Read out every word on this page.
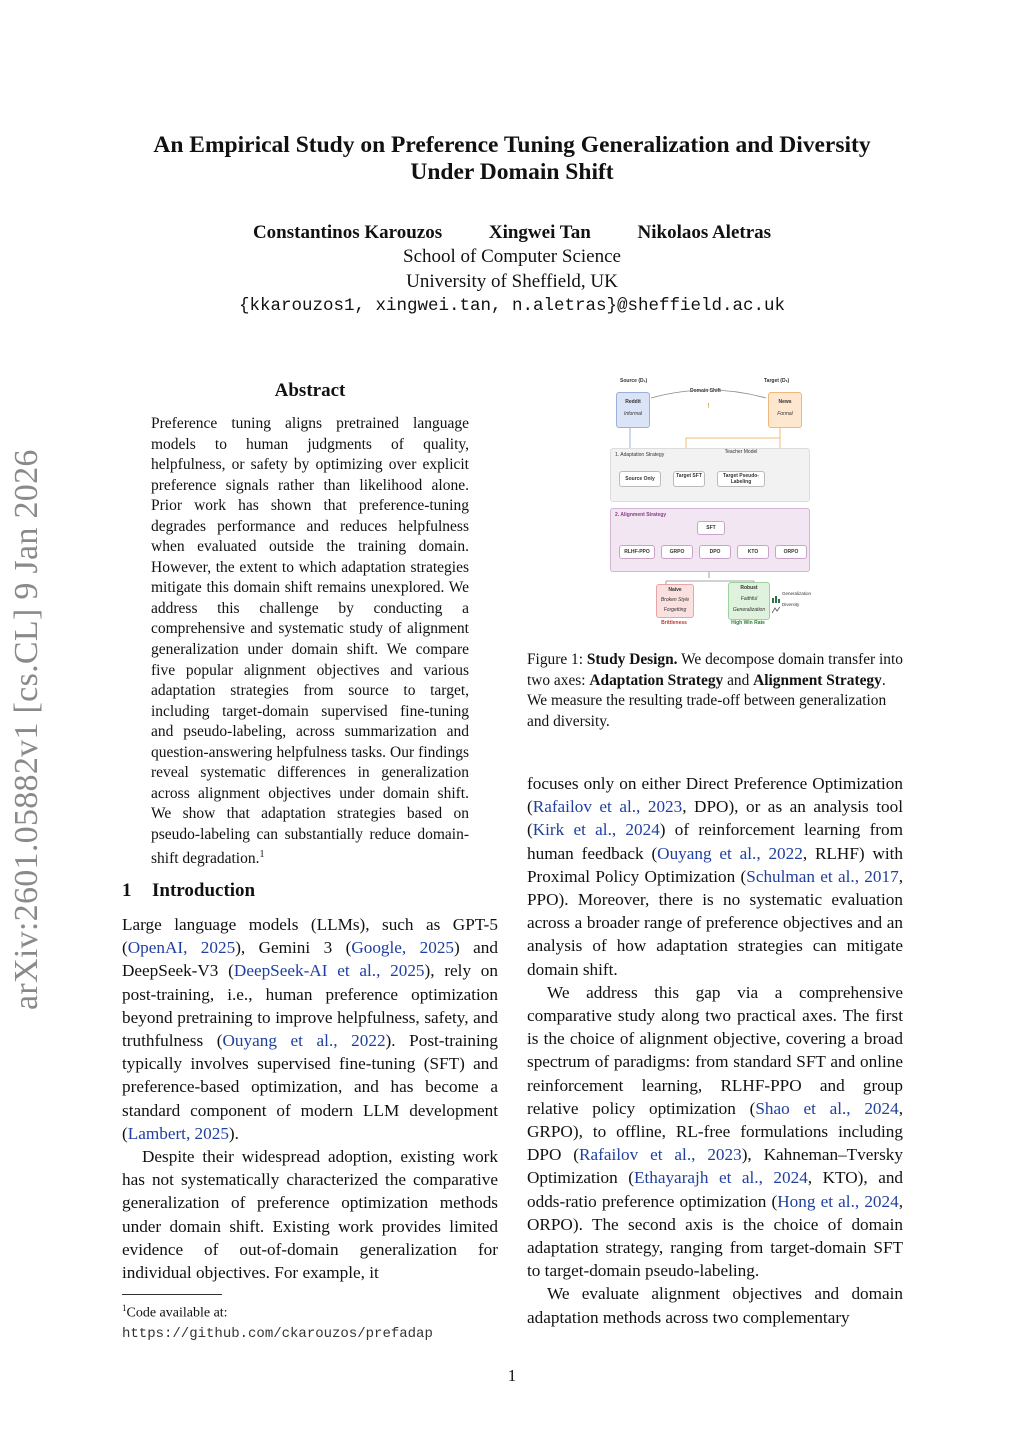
arXiv:2601.05882v1 [cs.CL] 9 Jan 2026
An Empirical Study on Preference Tuning Generalization and Diversity
Under Domain Shift
Constantinos Karouzos Xingwei Tan Nikolaos Aletras
School of Computer Science
University of Sheffield, UK
{kkarouzos1, xingwei.tan, n.aletras}@sheffield.ac.uk
Abstract
Preference tuning aligns pretrained language models to human judgments of quality, helpfulness, or safety by optimizing over explicit preference signals rather than likelihood alone. Prior work has shown that preference-tuning degrades performance and reduces helpfulness when evaluated outside the training domain. However, the extent to which adaptation strategies mitigate this domain shift remains unexplored. We address this challenge by conducting a comprehensive and systematic study of alignment generalization under domain shift. We compare five popular alignment objectives and various adaptation strategies from source to target, including target-domain supervised fine-tuning and pseudo-labeling, across summarization and question-answering helpfulness tasks. Our findings reveal systematic differences in generalization across alignment objectives under domain shift. We show that adaptation strategies based on pseudo-labeling can substantially reduce domain-shift degradation.$^1$
1 Introduction

Large language models (LLMs), such as GPT-5 (OpenAI, 2025), Gemini 3 (Google, 2025) and DeepSeek-V3 (DeepSeek-AI et al., 2025), rely on post-training, i.e., human preference optimization beyond pretraining to improve helpfulness, safety, and truthfulness (Ouyang et al., 2022). Post-training typically involves supervised fine-tuning (SFT) and preference-based optimization, and has become a standard component of modern LLM development (Lambert, 2025).

Despite their widespread adoption, existing work has not systematically characterized the comparative generalization of preference optimization methods under domain shift. Existing work provides limited evidence of out-of-domain generalization for individual objectives. For example, it

$^1$Code available at: https://github.com/ckarouzos/prefadap
Source (Dₛ)	Target (Dₜ)
Domain Shift
!
Reddit
Informal
News
Formal
1. Adaptation Strategy	Teacher Model
Source Only	Target SFT	Target Pseudo-Labeling
2. Alignment Strategy
SFT
RLHF-PPO	GRPO	DPO	KTO	ORPO
Naive
Broken Style
Forgetting
Brittleness
Robust
Faithful
Generalization
High Win Rate
Generalization
Diversity
Figure 1: Study Design. We decompose domain transfer into two axes: Adaptation Strategy and Alignment Strategy. We measure the resulting trade-off between generalization and diversity.

focuses only on either Direct Preference Optimization (Rafailov et al., 2023, DPO), or as an analysis tool (Kirk et al., 2024) of reinforcement learning from human feedback (Ouyang et al., 2022, RLHF) with Proximal Policy Optimization (Schulman et al., 2017, PPO). Moreover, there is no systematic evaluation across a broader range of preference objectives and an analysis of how adaptation strategies can mitigate domain shift.

We address this gap via a comprehensive comparative study along two practical axes. The first is the choice of alignment objective, covering a broad spectrum of paradigms: from standard SFT and online reinforcement learning, RLHF-PPO and group relative policy optimization (Shao et al., 2024, GRPO), to offline, RL-free formulations including DPO (Rafailov et al., 2023), Kahneman–Tversky Optimization (Ethayarajh et al., 2024, KTO), and odds-ratio preference optimization (Hong et al., 2024, ORPO). The second axis is the choice of domain adaptation strategy, ranging from target-domain SFT to target-domain pseudo-labeling.

We evaluate alignment objectives and domain adaptation methods across two complementary

1
